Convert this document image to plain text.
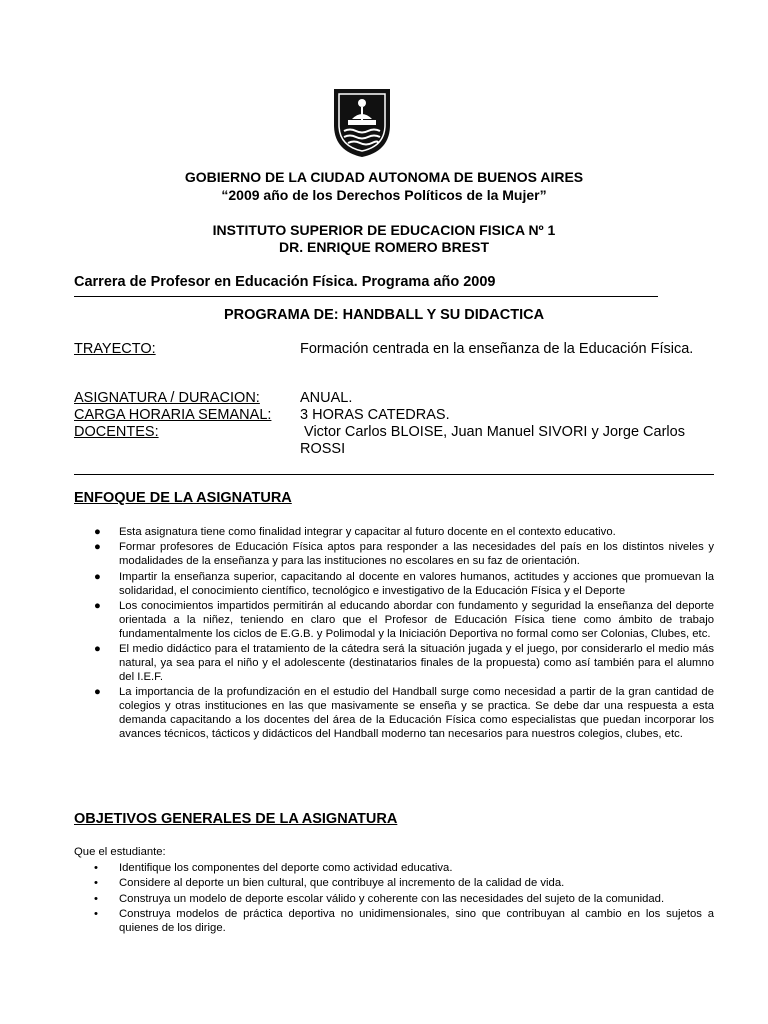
GOBIERNO DE LA CIUDAD AUTONOMA DE BUENOS AIRES
“2009 año de los Derechos Políticos de la Mujer”
INSTITUTO SUPERIOR DE EDUCACION FISICA Nº 1
DR. ENRIQUE ROMERO BREST
Carrera de Profesor en Educación Física. Programa año 2009
PROGRAMA DE: HANDBALL Y SU DIDACTICA
TRAYECTO:	Formación centrada en la enseñanza de la Educación Física.
ASIGNATURA / DURACION:	ANUAL.
CARGA HORARIA SEMANAL: 3 HORAS CATEDRAS.
DOCENTES:	Victor Carlos BLOISE, Juan Manuel SIVORI y Jorge Carlos ROSSI
ENFOQUE DE LA ASIGNATURA
● Esta asignatura tiene como finalidad integrar y capacitar al futuro docente en el contexto educativo.
● Formar profesores de Educación Física aptos para responder a las necesidades del país en los distintos niveles y modalidades de la enseñanza y para las instituciones no escolares en su faz de orientación.
● Impartir la enseñanza superior, capacitando al docente en valores humanos, actitudes y acciones que promuevan la solidaridad, el conocimiento científico, tecnológico e investigativo de la Educación Física y el Deporte
● Los conocimientos impartidos permitirán al educando abordar con fundamento y seguridad la enseñanza del deporte orientada a la niñez, teniendo en claro que el Profesor de Educación Física tiene como ámbito de trabajo fundamentalmente los ciclos de E.G.B. y Polimodal y la Iniciación Deportiva no formal como ser Colonias, Clubes, etc.
● El medio didáctico para el tratamiento de la cátedra será la situación jugada y el juego, por considerarlo el medio más natural, ya sea para el niño y el adolescente (destinatarios finales de la propuesta) como así también para el alumno del I.E.F.
● La importancia de la profundización en el estudio del Handball surge como necesidad a partir de la gran cantidad de colegios y otras instituciones en las que masivamente se enseña y se practica. Se debe dar una respuesta a esta demanda capacitando a los docentes del área de la Educación Física como especialistas que puedan incorporar los avances técnicos, tácticos y didácticos del Handball moderno tan necesarios para nuestros colegios, clubes, etc.
OBJETIVOS GENERALES DE LA ASIGNATURA
Que el estudiante:
• Identifique los componentes del deporte como actividad educativa.
• Considere al deporte un bien cultural, que contribuye al incremento de la calidad de vida.
• Construya un modelo de deporte escolar válido y coherente con las necesidades del sujeto de la comunidad.
• Construya modelos de práctica deportiva no unidimensionales, sino que contribuyan al cambio en los sujetos a quienes de los dirige.
